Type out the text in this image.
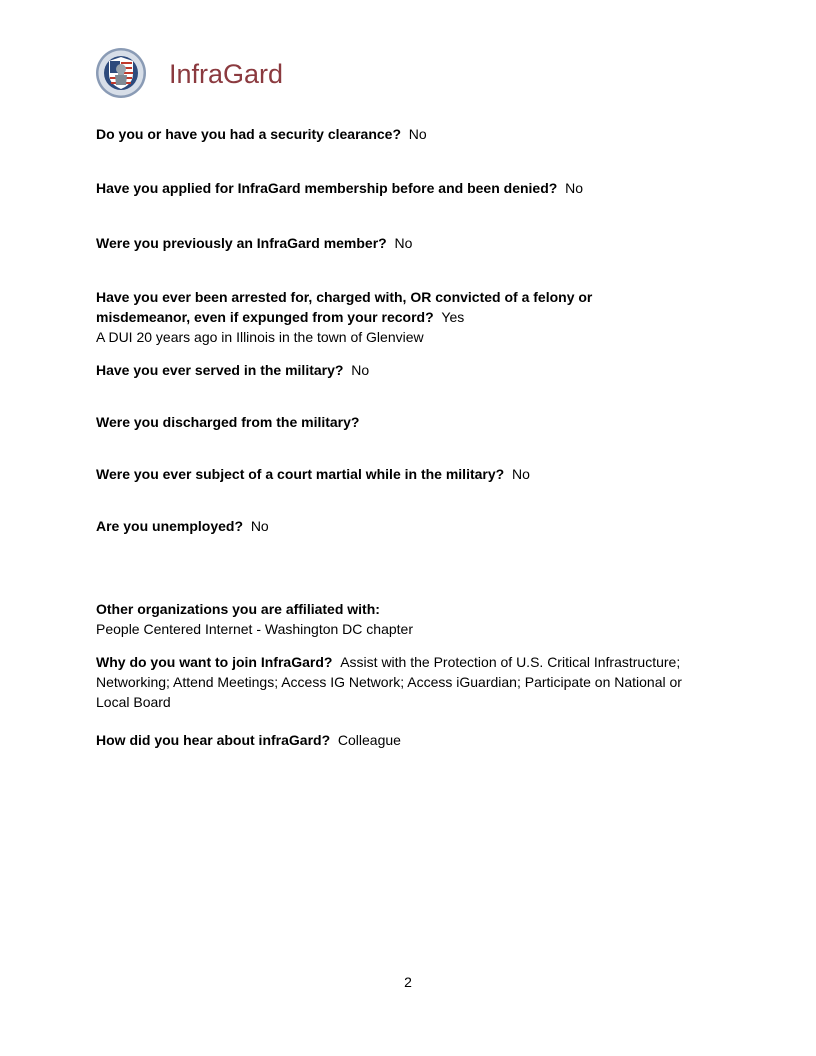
InfraGard

Do you or have you had a security clearance? No

Have you applied for InfraGard membership before and been denied? No

Were you previously an InfraGard member? No

Have you ever been arrested for, charged with, OR convicted of a felony or
misdemeanor, even if expunged from your record? Yes
A DUI 20 years ago in Illinois in the town of Glenview

Have you ever served in the military? No

Were you discharged from the military?

Were you ever subject of a court martial while in the military? No

Are you unemployed? No

Other organizations you are affiliated with:
People Centered Internet - Washington DC chapter
Why do you want to join InfraGard? Assist with the Protection of U.S. Critical Infrastructure;
Networking; Attend Meetings; Access IG Network; Access iGuardian; Participate on National or
Local Board

How did you hear about infraGard? Colleague

2
